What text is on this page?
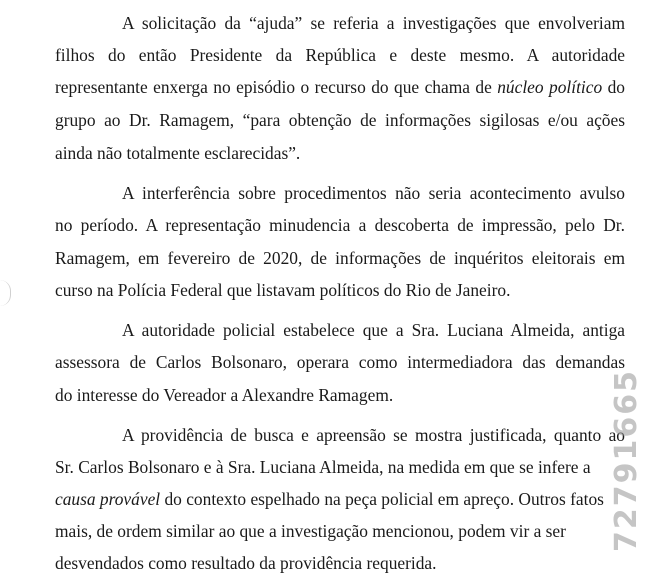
A solicitação da “ajuda” se referia a investigações que envolveriam
filhos do então Presidente da República e deste mesmo. A autoridade
representante enxerga no episódio o recurso do que chama de núcleo político do
grupo ao Dr. Ramagem, “para obtenção de informações sigilosas e/ou ações
ainda não totalmente esclarecidas”.
A interferência sobre procedimentos não seria acontecimento avulso
no período. A representação minudencia a descoberta de impressão, pelo Dr.
Ramagem, em fevereiro de 2020, de informações de inquéritos eleitorais em
curso na Polícia Federal que listavam políticos do Rio de Janeiro.
A autoridade policial estabelece que a Sra. Luciana Almeida, antiga
assessora de Carlos Bolsonaro, operara como intermediadora das demandas
do interesse do Vereador a Alexandre Ramagem.
A providência de busca e apreensão se mostra justificada, quanto ao
Sr. Carlos Bolsonaro e à Sra. Luciana Almeida, na medida em que se infere a
causa provável do contexto espelhado na peça policial em apreço. Outros fatos
mais, de ordem similar ao que a investigação mencionou, podem vir a ser
desvendados como resultado da providência requerida.
72791665
